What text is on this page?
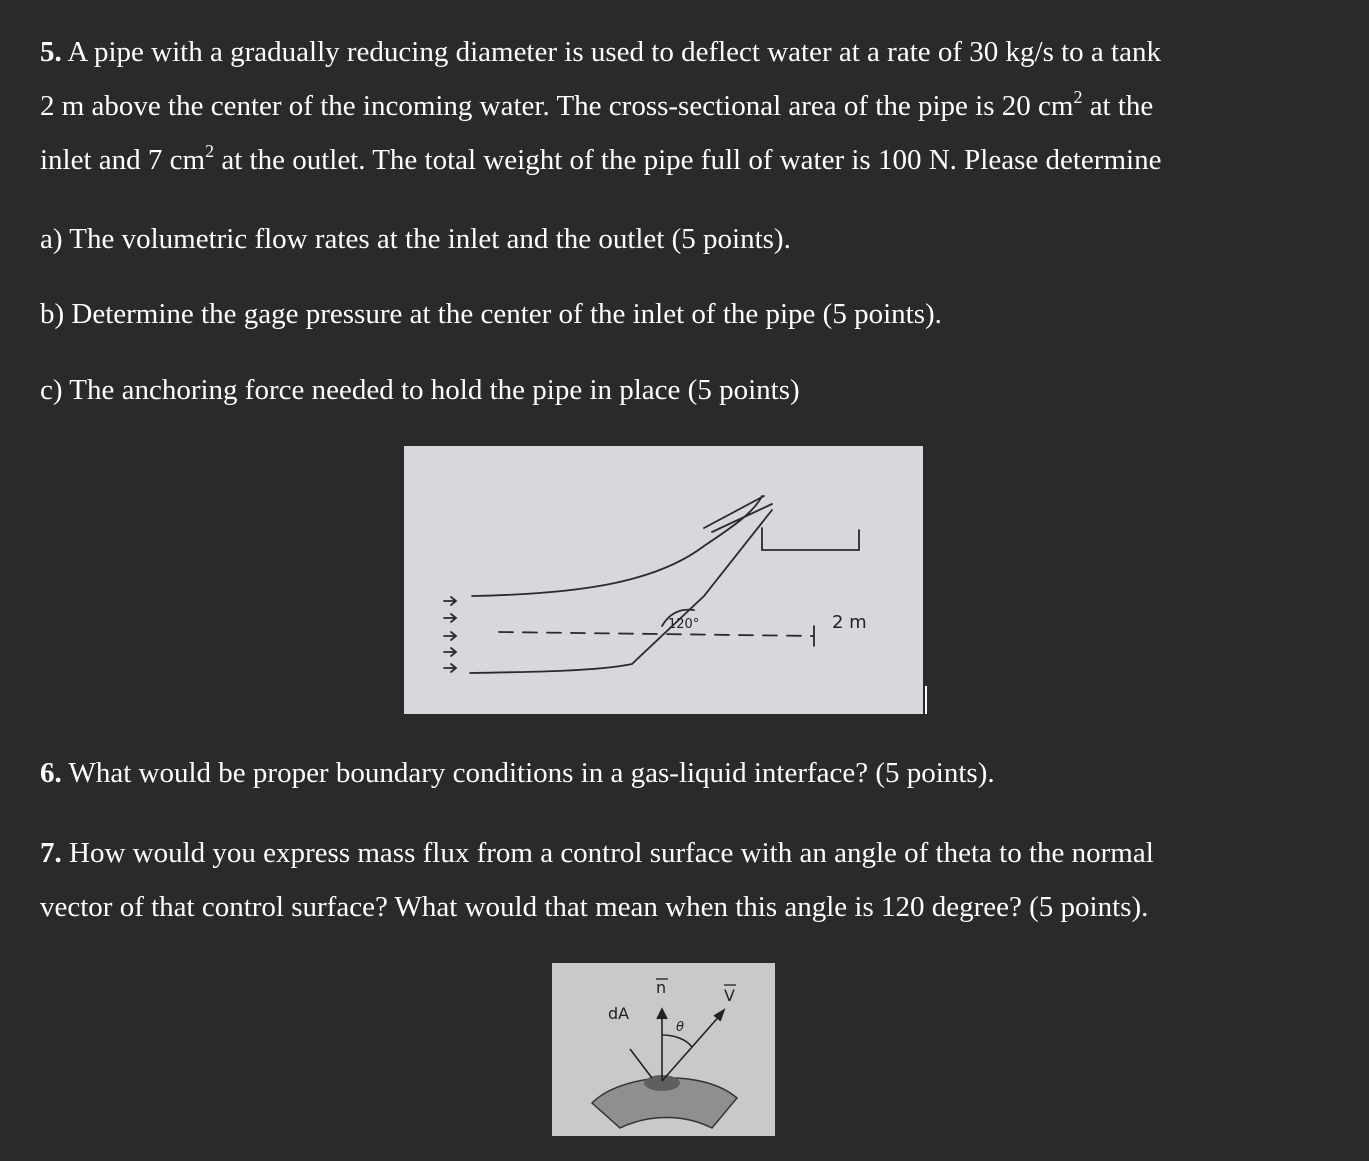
5. A pipe with a gradually reducing diameter is used to deflect water at a rate of 30 kg/s to a tank
2 m above the center of the incoming water. The cross-sectional area of the pipe is 20 $cm^2$ at the
inlet and 7 $cm^2$ at the outlet. The total weight of the pipe full of water is 100 N. Please determine
a) The volumetric flow rates at the inlet and the outlet (5 points).
b) Determine the gage pressure at the center of the inlet of the pipe (5 points).
c) The anchoring force needed to hold the pipe in place (5 points)
120°	2 m
6. What would be proper boundary conditions in a gas-liquid interface? (5 points).
7. How would you express mass flux from a control surface with an angle of theta to the normal
vector of that control surface? What would that mean when this angle is 120 degree? (5 points).
dA
n	V
θ
